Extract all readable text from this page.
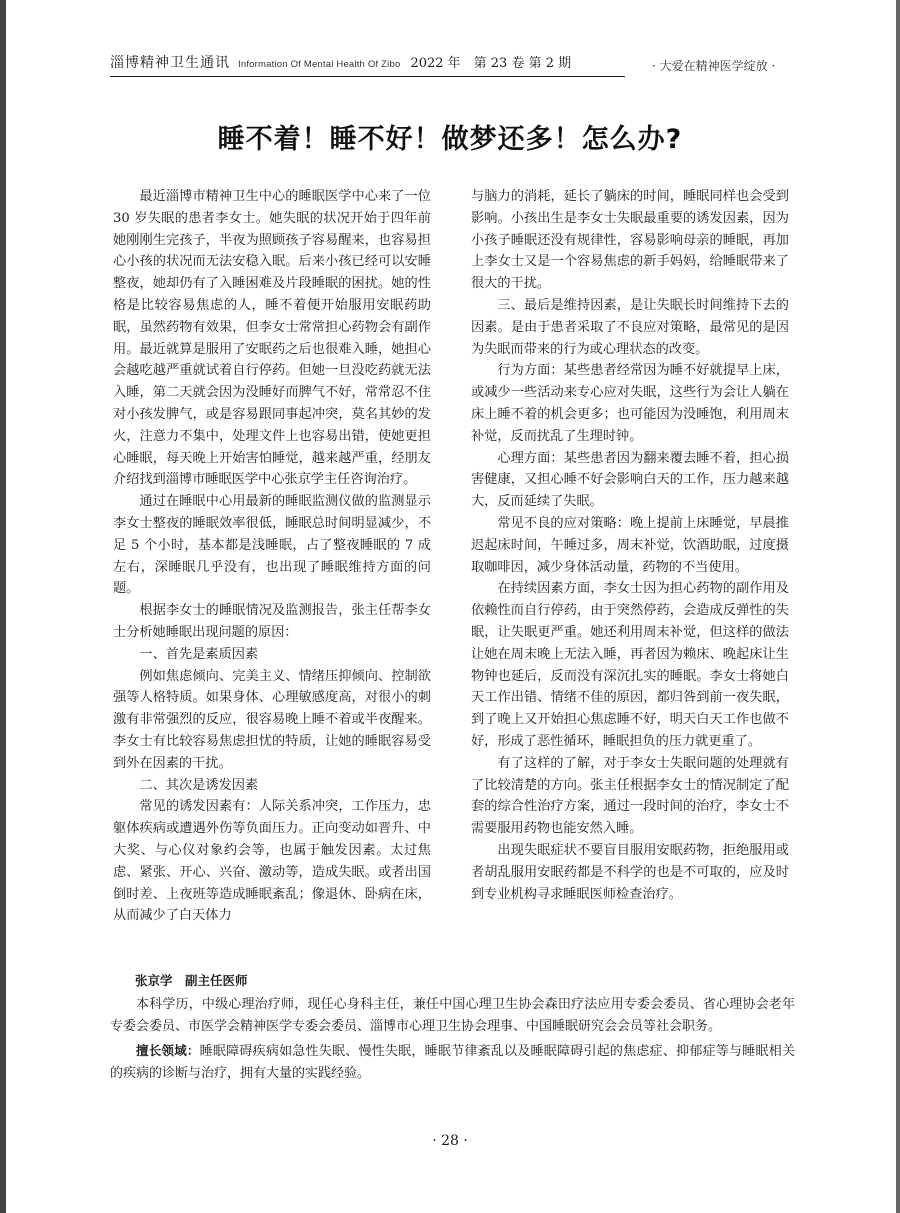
淄博精神卫生通讯 Information Of Mental Health Of Zibo 2022 年　第 23 卷 第 2 期	· 大爱在精神医学绽放 ·
睡不着！睡不好！做梦还多！怎么办?

最近淄博市精神卫生中心的睡眠医学中心来了一位 30 岁失眠的患者李女士。她失眠的状况开始于四年前她刚刚生完孩子，半夜为照顾孩子容易醒来，也容易担心小孩的状况而无法安稳入眠。后来小孩已经可以安睡整夜，她却仍有了入睡困难及片段睡眠的困扰。她的性格是比较容易焦虑的人，睡不着便开始服用安眠药助眠，虽然药物有效果，但李女士常常担心药物会有副作用。最近就算是服用了安眠药之后也很难入睡，她担心会越吃越严重就试着自行停药。但她一旦没吃药就无法入睡，第二天就会因为没睡好而脾气不好，常常忍不住对小孩发脾气，或是容易跟同事起冲突，莫名其妙的发火，注意力不集中，处理文件上也容易出错，使她更担心睡眠，每天晚上开始害怕睡觉，越来越严重，经朋友介绍找到淄博市睡眠医学中心张京学主任咨询治疗。

通过在睡眠中心用最新的睡眠监测仪做的监测显示李女士整夜的睡眠效率很低，睡眠总时间明显减少，不足 5 个小时，基本都是浅睡眠，占了整夜睡眠的 7 成左右，深睡眠几乎没有，也出现了睡眠维持方面的问题。

根据李女士的睡眠情况及监测报告，张主任帮李女士分析她睡眠出现问题的原因：

一、首先是素质因素

例如焦虑倾向、完美主义、情绪压抑倾向、控制欲强等人格特质。如果身体、心理敏感度高，对很小的刺激有非常强烈的反应，很容易晚上睡不着或半夜醒来。李女士有比较容易焦虑担忧的特质，让她的睡眠容易受到外在因素的干扰。

二、其次是诱发因素

常见的诱发因素有：人际关系冲突，工作压力，忠躯体疾病或遭遇外伤等负面压力。正向变动如晋升、中大奖、与心仪对象约会等，也属于触发因素。太过焦虑、紧张、开心、兴奋、激动等，造成失眠。或者出国倒时差、上夜班等造成睡眠紊乱；像退休、卧病在床，从而减少了白天体力

与脑力的消耗，延长了躺床的时间，睡眠同样也会受到影响。小孩出生是李女士失眠最重要的诱发因素，因为小孩子睡眠还没有规律性，容易影响母亲的睡眠，再加上李女士又是一个容易焦虑的新手妈妈，给睡眠带来了很大的干扰。

三、最后是维持因素，是让失眠长时间维持下去的因素。是由于患者采取了不良应对策略，最常见的是因为失眠而带来的行为或心理状态的改变。

行为方面：某些患者经常因为睡不好就提早上床，或减少一些活动来专心应对失眠，这些行为会让人躺在床上睡不着的机会更多；也可能因为没睡饱，利用周末补觉，反而扰乱了生理时钟。

心理方面：某些患者因为翻来覆去睡不着，担心损害健康，又担心睡不好会影响白天的工作，压力越来越大，反而延续了失眠。

常见不良的应对策略：晚上提前上床睡觉，早晨推迟起床时间，午睡过多，周末补觉，饮酒助眠，过度摄取咖啡因，减少身体活动量，药物的不当使用。

在持续因素方面，李女士因为担心药物的副作用及依赖性而自行停药，由于突然停药，会造成反弹性的失眠，让失眠更严重。她还利用周末补觉，但这样的做法让她在周末晚上无法入睡，再者因为赖床、晚起床让生物钟也延后，反而没有深沉扎实的睡眠。李女士将她白天工作出错、情绪不佳的原因，都归咎到前一夜失眠，到了晚上又开始担心焦虑睡不好，明天白天工作也做不好，形成了恶性循环，睡眠担负的压力就更重了。

有了这样的了解，对于李女士失眠问题的处理就有了比较清楚的方向。张主任根据李女士的情况制定了配套的综合性治疗方案，通过一段时间的治疗，李女士不需要服用药物也能安然入睡。

出现失眠症状不要盲目服用安眠药物，拒绝服用或者胡乱服用安眠药都是不科学的也是不可取的，应及时到专业机构寻求睡眠医师检查治疗。

张京学　副主任医师

本科学历，中级心理治疗师，现任心身科主任，兼任中国心理卫生协会森田疗法应用专委会委员、省心理协会老年专委会委员、市医学会精神医学专委会委员、淄博市心理卫生协会理事、中国睡眠研究会会员等社会职务。

擅长领域：睡眠障碍疾病如急性失眠、慢性失眠，睡眠节律紊乱以及睡眠障碍引起的焦虑症、抑郁症等与睡眠相关的疾病的诊断与治疗，拥有大量的实践经验。

· 28 ·
